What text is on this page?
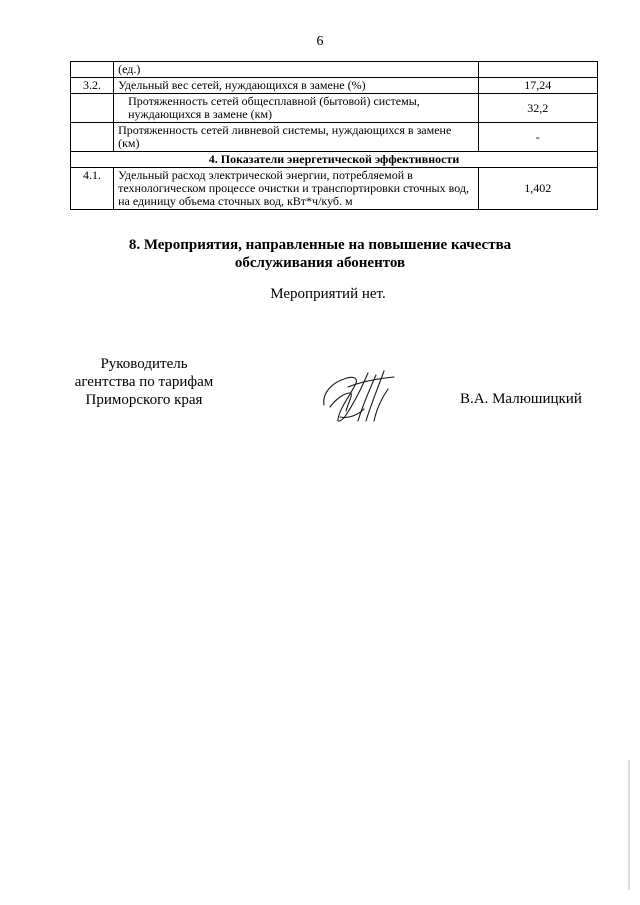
6
	(ед.)	
3.2.	Удельный вес сетей, нуждающихся в замене (%)	17,24
	Протяженность сетей общесплавной (бытовой) системы, нуждающихся в замене (км)	32,2
	Протяженность сетей ливневой системы, нуждающихся в замене (км)	-
4. Показатели энергетической эффективности		
4.1.	Удельный расход электрической энергии, потребляемой в технологическом процессе очистки и транспортировки сточных вод, на единицу объема сточных вод, кВт*ч/куб. м	1,402
8. Мероприятия, направленные на повышение качества
обслуживания абонентов
Мероприятий нет.
Руководитель
агентства по тарифам
Приморского края	В.А. Малюшицкий
